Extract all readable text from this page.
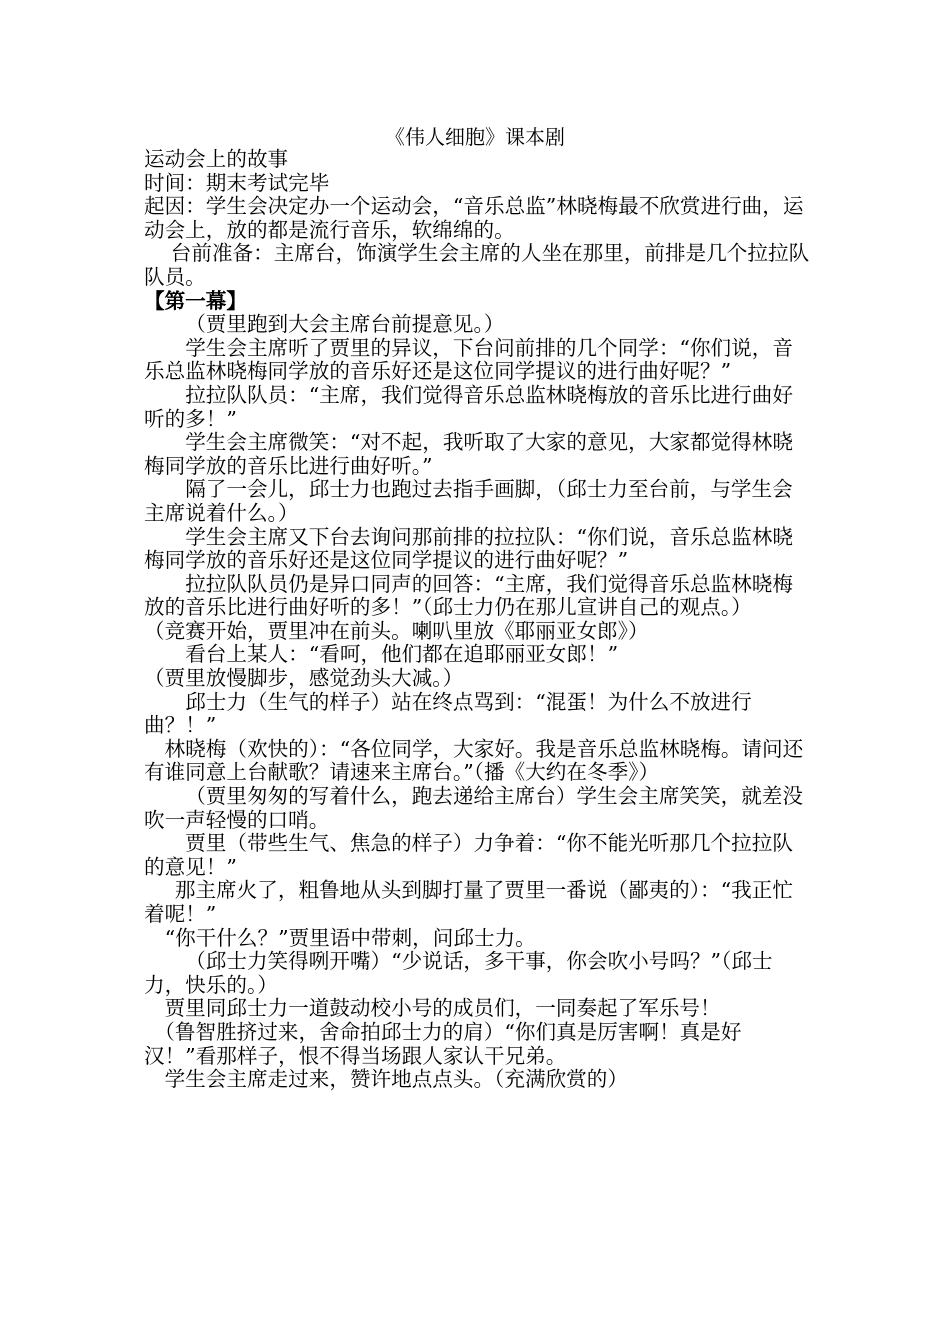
《伟人细胞》课本剧

运动会上的故事

时间：期末考试完毕

起因：学生会决定办一个运动会，“音乐总监”林晓梅最不欣赏进行曲，运动会上，放的都是流行音乐，软绵绵的。

台前准备：主席台，饰演学生会主席的人坐在那里，前排是几个拉拉队队员。

【第一幕】

（贾里跑到大会主席台前提意见。）

学生会主席听了贾里的异议，下台问前排的几个同学：“你们说，音乐总监林晓梅同学放的音乐好还是这位同学提议的进行曲好呢？”

拉拉队队员：“主席，我们觉得音乐总监林晓梅放的音乐比进行曲好听的多！”

学生会主席微笑：“对不起，我听取了大家的意见，大家都觉得林晓梅同学放的音乐比进行曲好听。”

隔了一会儿，邱士力也跑过去指手画脚，（邱士力至台前，与学生会主席说着什么。）

学生会主席又下台去询问那前排的拉拉队：“你们说，音乐总监林晓梅同学放的音乐好还是这位同学提议的进行曲好呢？”

拉拉队队员仍是异口同声的回答：“主席，我们觉得音乐总监林晓梅放的音乐比进行曲好听的多！”（邱士力仍在那儿宣讲自己的观点。）

（竞赛开始，贾里冲在前头。喇叭里放《耶丽亚女郎》）

看台上某人：“看呵，他们都在追耶丽亚女郎！”

（贾里放慢脚步，感觉劲头大减。）

邱士力（生气的样子）站在终点骂到：“混蛋！为什么不放进行曲？！”

林晓梅（欢快的）：“各位同学，大家好。我是音乐总监林晓梅。请问还有谁同意上台献歌？请速来主席台。”（播《大约在冬季》）

（贾里匆匆的写着什么，跑去递给主席台）学生会主席笑笑，就差没吹一声轻慢的口哨。

贾里（带些生气、焦急的样子）力争着：“你不能光听那几个拉拉队的意见！”

那主席火了，粗鲁地从头到脚打量了贾里一番说（鄙夷的）：“我正忙着呢！”

“你干什么？”贾里语中带刺，问邱士力。

（邱士力笑得咧开嘴）“少说话，多干事，你会吹小号吗？”（邱士力，快乐的。）

贾里同邱士力一道鼓动校小号的成员们，一同奏起了军乐号！

（鲁智胜挤过来，舍命拍邱士力的肩）“你们真是厉害啊！真是好汉！”看那样子，恨不得当场跟人家认干兄弟。

学生会主席走过来，赞许地点点头。（充满欣赏的）
